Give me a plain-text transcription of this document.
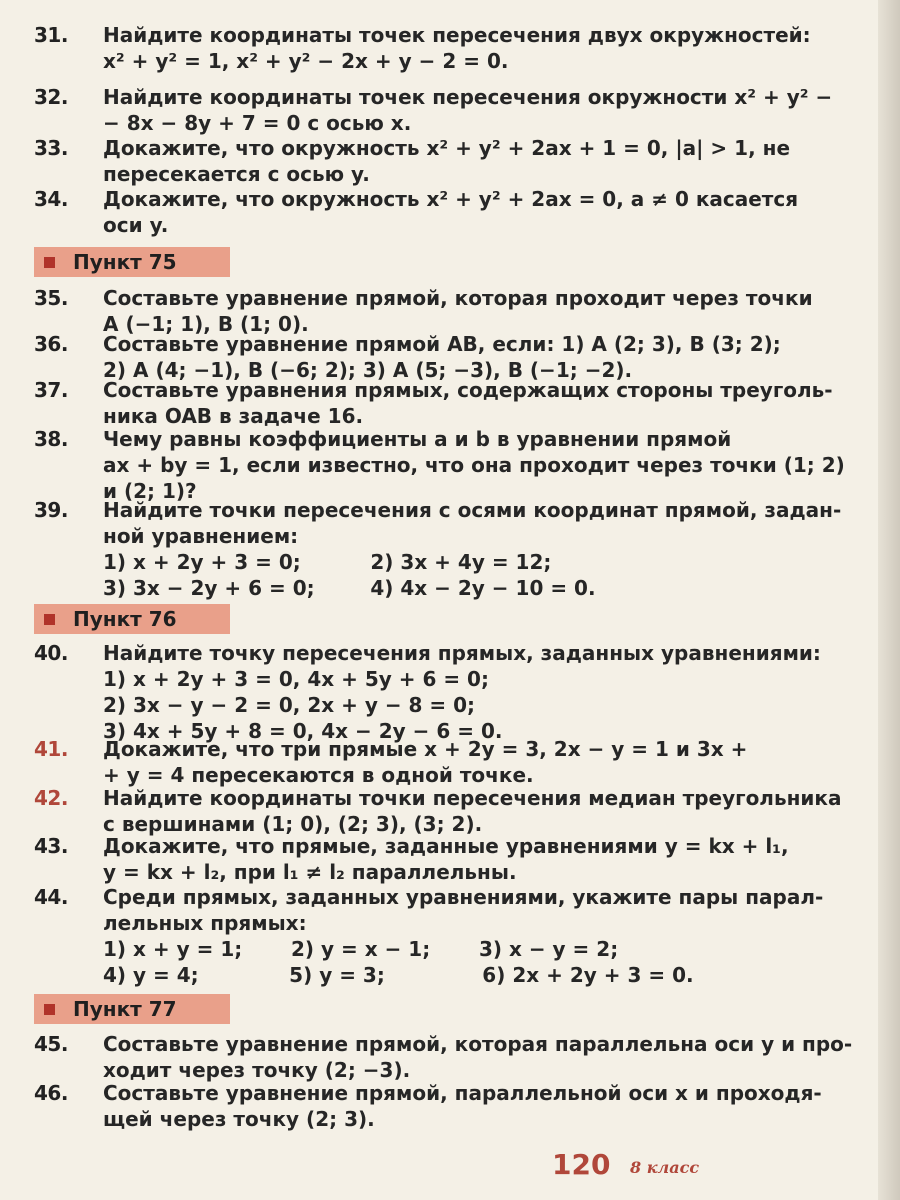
31.	Найдите координаты точек пересечения двух окружностей:
x² + y² = 1, x² + y² − 2x + y − 2 = 0.
32.	Найдите координаты точек пересечения окружности x² + y² −
− 8x − 8y + 7 = 0 с осью x.
33.	Докажите, что окружность x² + y² + 2ax + 1 = 0, |a| > 1, не
пересекается с осью y.
34.	Докажите, что окружность x² + y² + 2ax = 0, a ≠ 0 касается
оси y.
Пункт 75
35.	Составьте уравнение прямой, которая проходит через точки
A (−1; 1), B (1; 0).
36.	Составьте уравнение прямой AB, если: 1) A (2; 3), B (3; 2);
2) A (4; −1), B (−6; 2); 3) A (5; −3), B (−1; −2).
37.	Составьте уравнения прямых, содержащих стороны треуголь-
ника OAB в задаче 16.
38.	Чему равны коэффициенты a и b в уравнении прямой
ax + by = 1, если известно, что она проходит через точки (1; 2)
и (2; 1)?
39.	Найдите точки пересечения с осями координат прямой, задан-
ной уравнением:
1) x + 2y + 3 = 0;          2) 3x + 4y = 12;
3) 3x − 2y + 6 = 0;        4) 4x − 2y − 10 = 0.
Пункт 76
40.	Найдите точку пересечения прямых, заданных уравнениями:
1) x + 2y + 3 = 0, 4x + 5y + 6 = 0;
2) 3x − y − 2 = 0, 2x + y − 8 = 0;
3) 4x + 5y + 8 = 0, 4x − 2y − 6 = 0.
41.	Докажите, что три прямые x + 2y = 3, 2x − y = 1 и 3x +
+ y = 4 пересекаются в одной точке.
42.	Найдите координаты точки пересечения медиан треугольника
с вершинами (1; 0), (2; 3), (3; 2).
43.	Докажите, что прямые, заданные уравнениями y = kx + l₁,
y = kx + l₂, при l₁ ≠ l₂ параллельны.
44.	Среди прямых, заданных уравнениями, укажите пары парал-
лельных прямых:
1) x + y = 1;       2) y = x − 1;       3) x − y = 2;
4) y = 4;             5) y = 3;              6) 2x + 2y + 3 = 0.
Пункт 77
45.	Составьте уравнение прямой, которая параллельна оси y и про-
ходит через точку (2; −3).
46.	Составьте уравнение прямой, параллельной оси x и проходя-
щей через точку (2; 3).
120 8 класс
